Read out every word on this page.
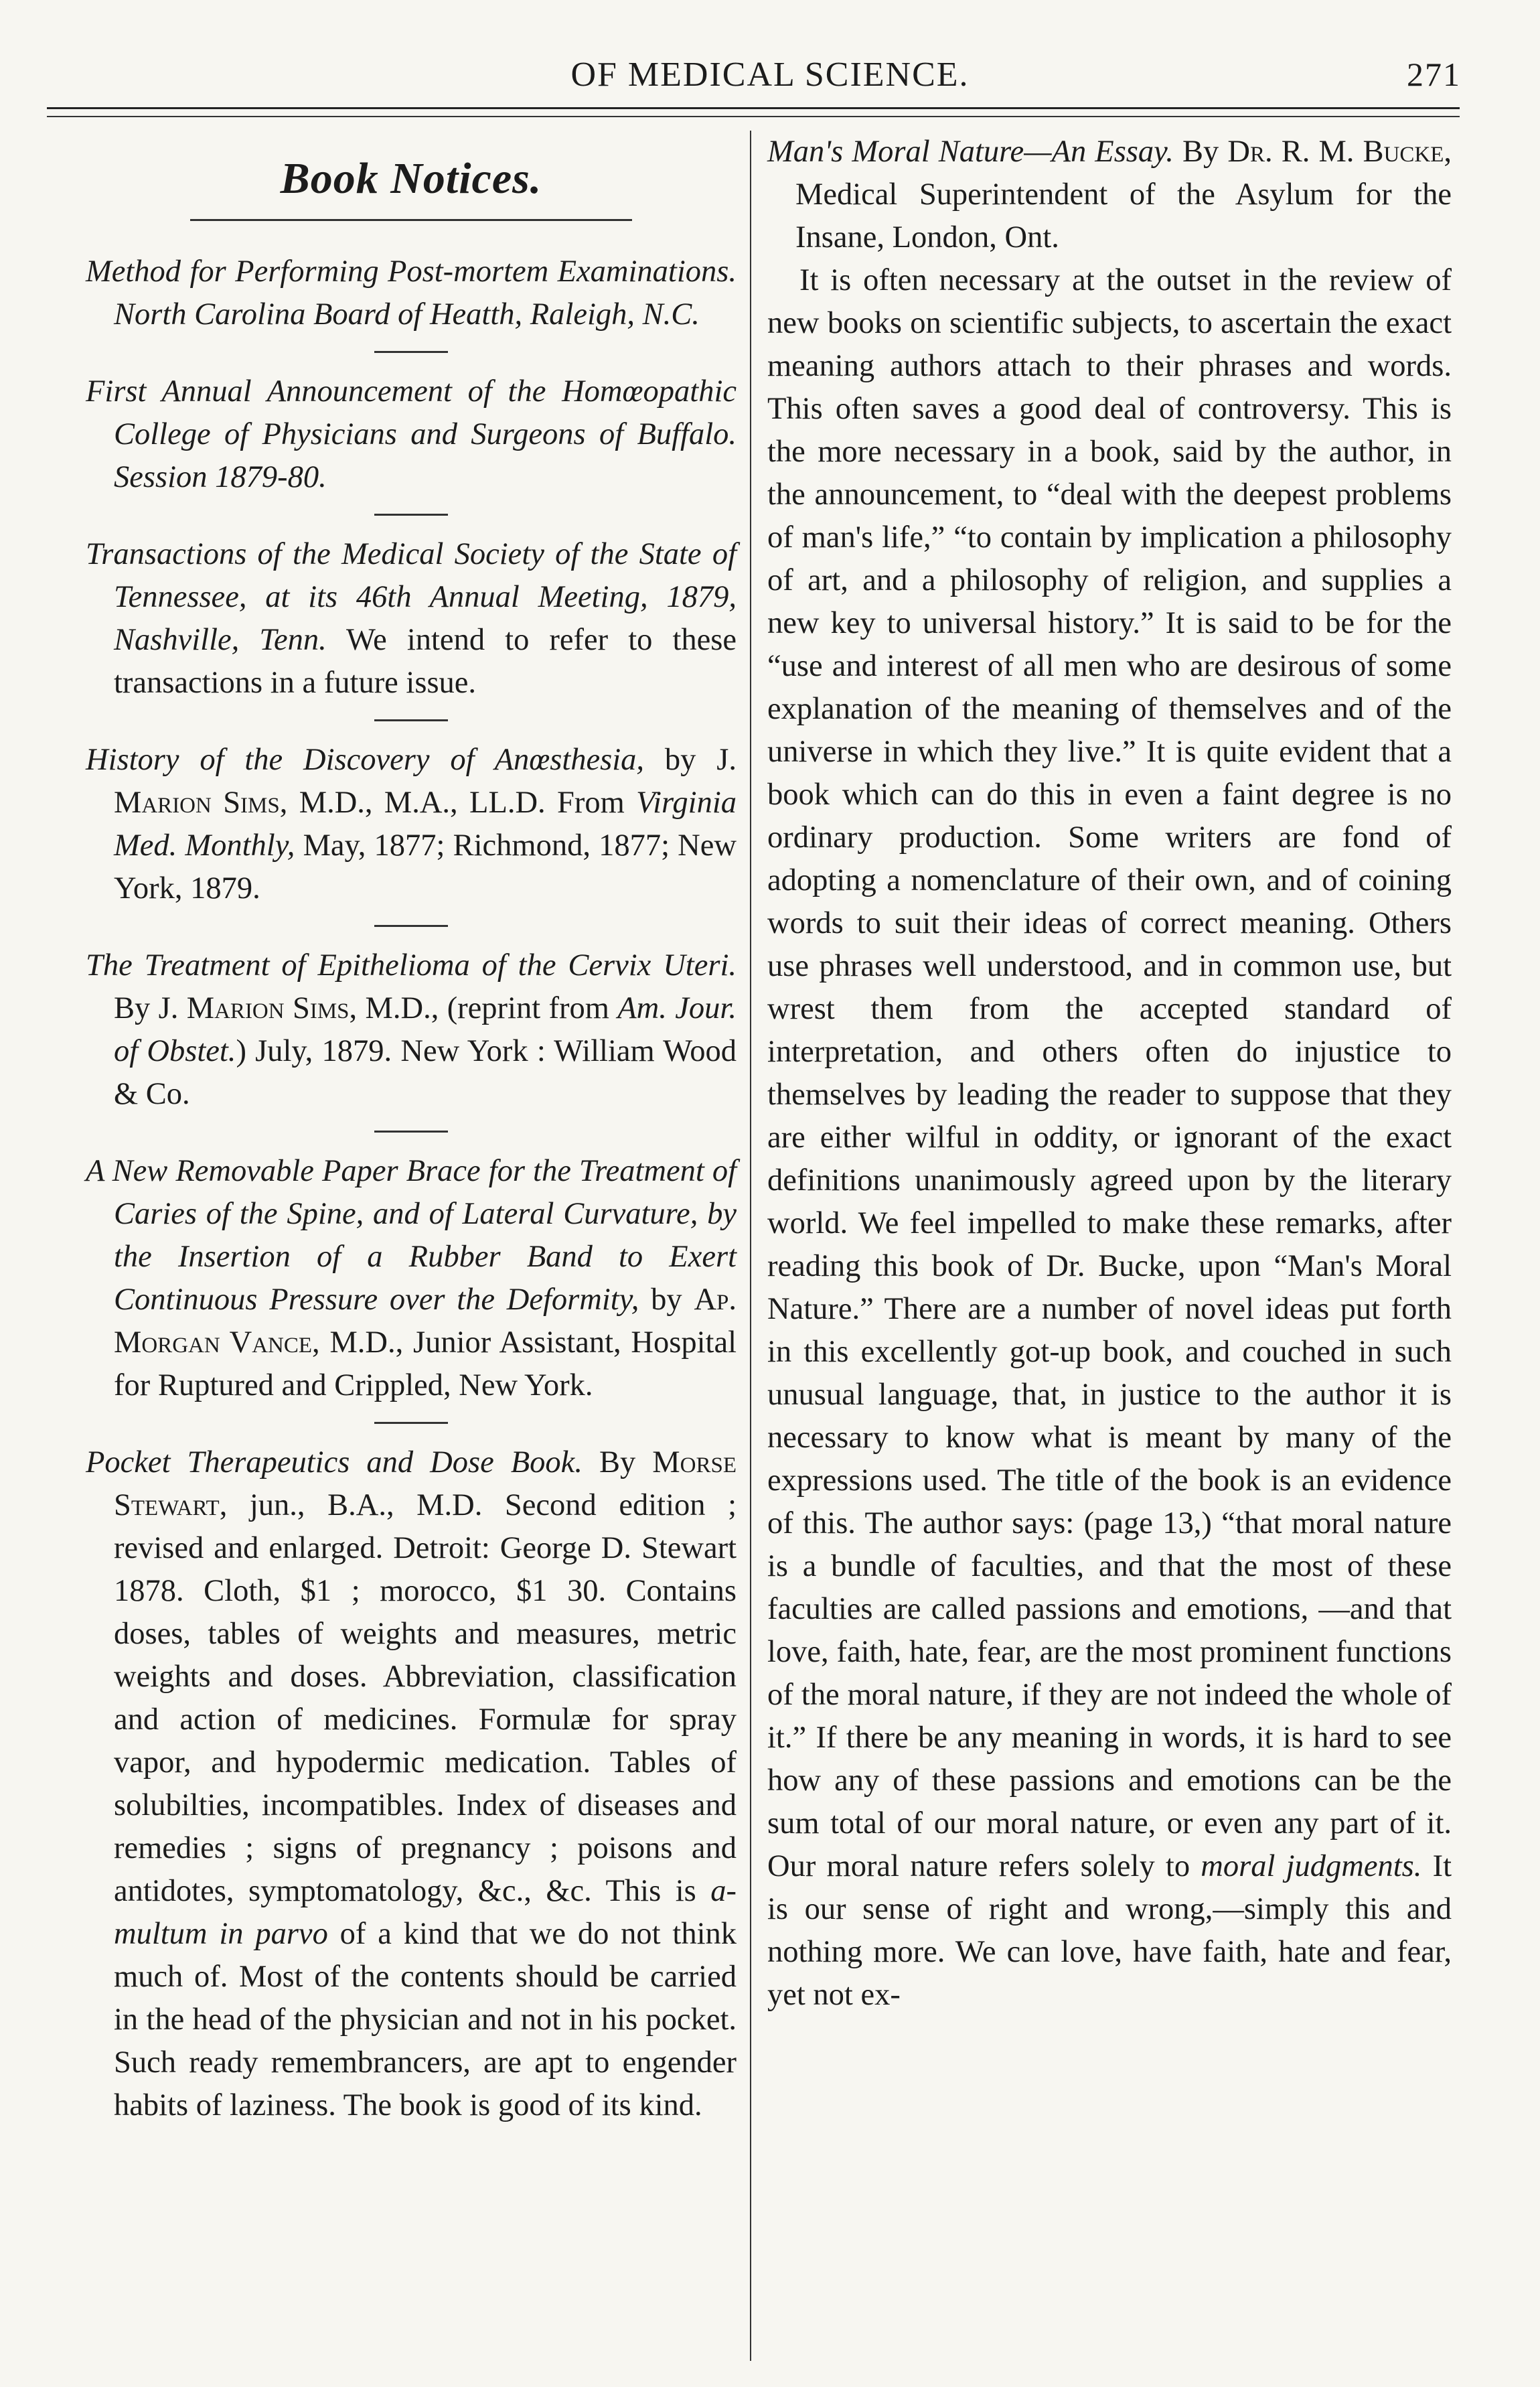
OF MEDICAL SCIENCE.	271
Book Notices.

Method for Performing Post-mortem Examinations. North Carolina Board of Heatth, Raleigh, N.C.

First Annual Announcement of the Homœopathic College of Physicians and Surgeons of Buffalo. Session 1879-80.

Transactions of the Medical Society of the State of Tennessee, at its 46th Annual Meeting, 1879, Nashville, Tenn. We intend to refer to these transactions in a future issue.

History of the Discovery of Anœsthesia, by J. Marion Sims, M.D., M.A., LL.D. From Virginia Med. Monthly, May, 1877; Richmond, 1877; New York, 1879.

The Treatment of Epithelioma of the Cervix Uteri. By J. Marion Sims, M.D., (reprint from Am. Jour. of Obstet.) July, 1879. New York : William Wood & Co.

A New Removable Paper Brace for the Treatment of Caries of the Spine, and of Lateral Curvature, by the Insertion of a Rubber Band to Exert Continuous Pressure over the Deformity, by Ap. Morgan Vance, M.D., Junior Assistant, Hospital for Ruptured and Crippled, New York.

Pocket Therapeutics and Dose Book. By Morse Stewart, jun., B.A., M.D. Second edition ; revised and enlarged. Detroit: George D. Stewart 1878. Cloth, $1 ; morocco, $1 30. Contains doses, tables of weights and measures, metric weights and doses. Abbreviation, classification and action of medicines. Formulæ for spray vapor, and hypodermic medication. Tables of solubilties, incompatibles. Index of diseases and remedies ; signs of pregnancy ; poisons and antidotes, symptomatology, &c., &c. This is a-multum in parvo of a kind that we do not think much of. Most of the contents should be carried in the head of the physician and not in his pocket. Such ready remembrancers, are apt to engender habits of laziness. The book is good of its kind.

Man's Moral Nature—An Essay. By Dr. R. M. Bucke, Medical Superintendent of the Asylum for the Insane, London, Ont.

It is often necessary at the outset in the review of new books on scientific subjects, to ascertain the exact meaning authors attach to their phrases and words. This often saves a good deal of controversy. This is the more necessary in a book, said by the author, in the announcement, to “deal with the deepest problems of man's life,” “to contain by implication a philosophy of art, and a philosophy of religion, and supplies a new key to universal history.” It is said to be for the “use and interest of all men who are desirous of some explanation of the meaning of themselves and of the universe in which they live.” It is quite evident that a book which can do this in even a faint degree is no ordinary production. Some writers are fond of adopting a nomenclature of their own, and of coining words to suit their ideas of correct meaning. Others use phrases well understood, and in common use, but wrest them from the accepted standard of interpretation, and others often do injustice to themselves by leading the reader to suppose that they are either wilful in oddity, or ignorant of the exact definitions unanimously agreed upon by the literary world. We feel impelled to make these remarks, after reading this book of Dr. Bucke, upon “Man's Moral Nature.” There are a number of novel ideas put forth in this excellently got-up book, and couched in such unusual language, that, in justice to the author it is necessary to know what is meant by many of the expressions used. The title of the book is an evidence of this. The author says: (page 13,) “that moral nature is a bundle of faculties, and that the most of these faculties are called passions and emotions, —and that love, faith, hate, fear, are the most prominent functions of the moral nature, if they are not indeed the whole of it.” If there be any meaning in words, it is hard to see how any of these passions and emotions can be the sum total of our moral nature, or even any part of it. Our moral nature refers solely to moral judgments. It is our sense of right and wrong,—simply this and nothing more. We can love, have faith, hate and fear, yet not ex-
